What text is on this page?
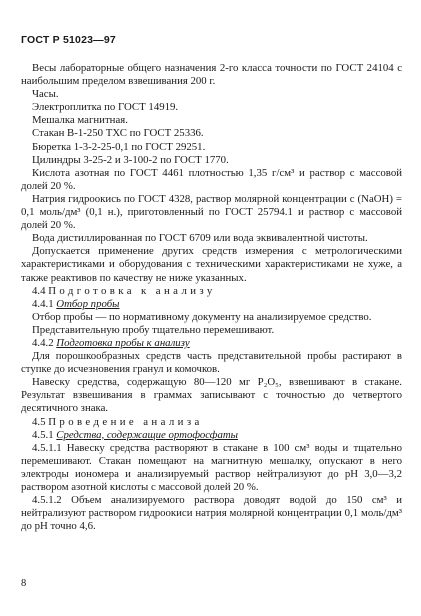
ГОСТ Р 51023—97

Весы лабораторные общего назначения 2-го класса точности по ГОСТ 24104 с наибольшим пределом взвешивания 200 г.

Часы.

Электроплитка по ГОСТ 14919.

Мешалка магнитная.

Стакан В-1-250 ТХС по ГОСТ 25336.

Бюретка 1-3-2-25-0,1 по ГОСТ 29251.

Цилиндры 3-25-2 и 3-100-2 по ГОСТ 1770.

Кислота азотная по ГОСТ 4461 плотностью 1,35 г/см³ и раствор с массовой долей 20 %.

Натрия гидроокись по ГОСТ 4328, раствор молярной концентрации с (NaOH) = 0,1 моль/дм³ (0,1 н.), приготовленный по ГОСТ 25794.1 и раствор с массовой долей 20 %.

Вода дистиллированная по ГОСТ 6709 или вода эквивалентной чистоты.

Допускается применение других средств измерения с метрологическими характеристиками и оборудования с техническими характеристиками не хуже, а также реактивов по качеству не ниже указанных.

4.4 Подготовка к анализу

4.4.1 Отбор пробы

Отбор пробы — по нормативному документу на анализируемое средство.

Представительную пробу тщательно перемешивают.

4.4.2 Подготовка пробы к анализу

Для порошкообразных средств часть представительной пробы растирают в ступке до исчезновения гранул и комочков.

Навеску средства, содержащую 80—120 мг P₂O₅, взвешивают в стакане. Результат взвешивания в граммах записывают с точностью до четвертого десятичного знака.

4.5 Проведение анализа

4.5.1 Средства, содержащие ортофосфаты

4.5.1.1 Навеску средства растворяют в стакане в 100 см³ воды и тщательно перемешивают. Стакан помещают на магнитную мешалку, опускают в него электроды иономера и анализируемый раствор нейтрализуют до pH 3,0—3,2 раствором азотной кислоты с массовой долей 20 %.

4.5.1.2 Объем анализируемого раствора доводят водой до 150 см³ и нейтрализуют раствором гидроокиси натрия молярной концентрации 0,1 моль/дм³ до pH точно 4,6.

8
